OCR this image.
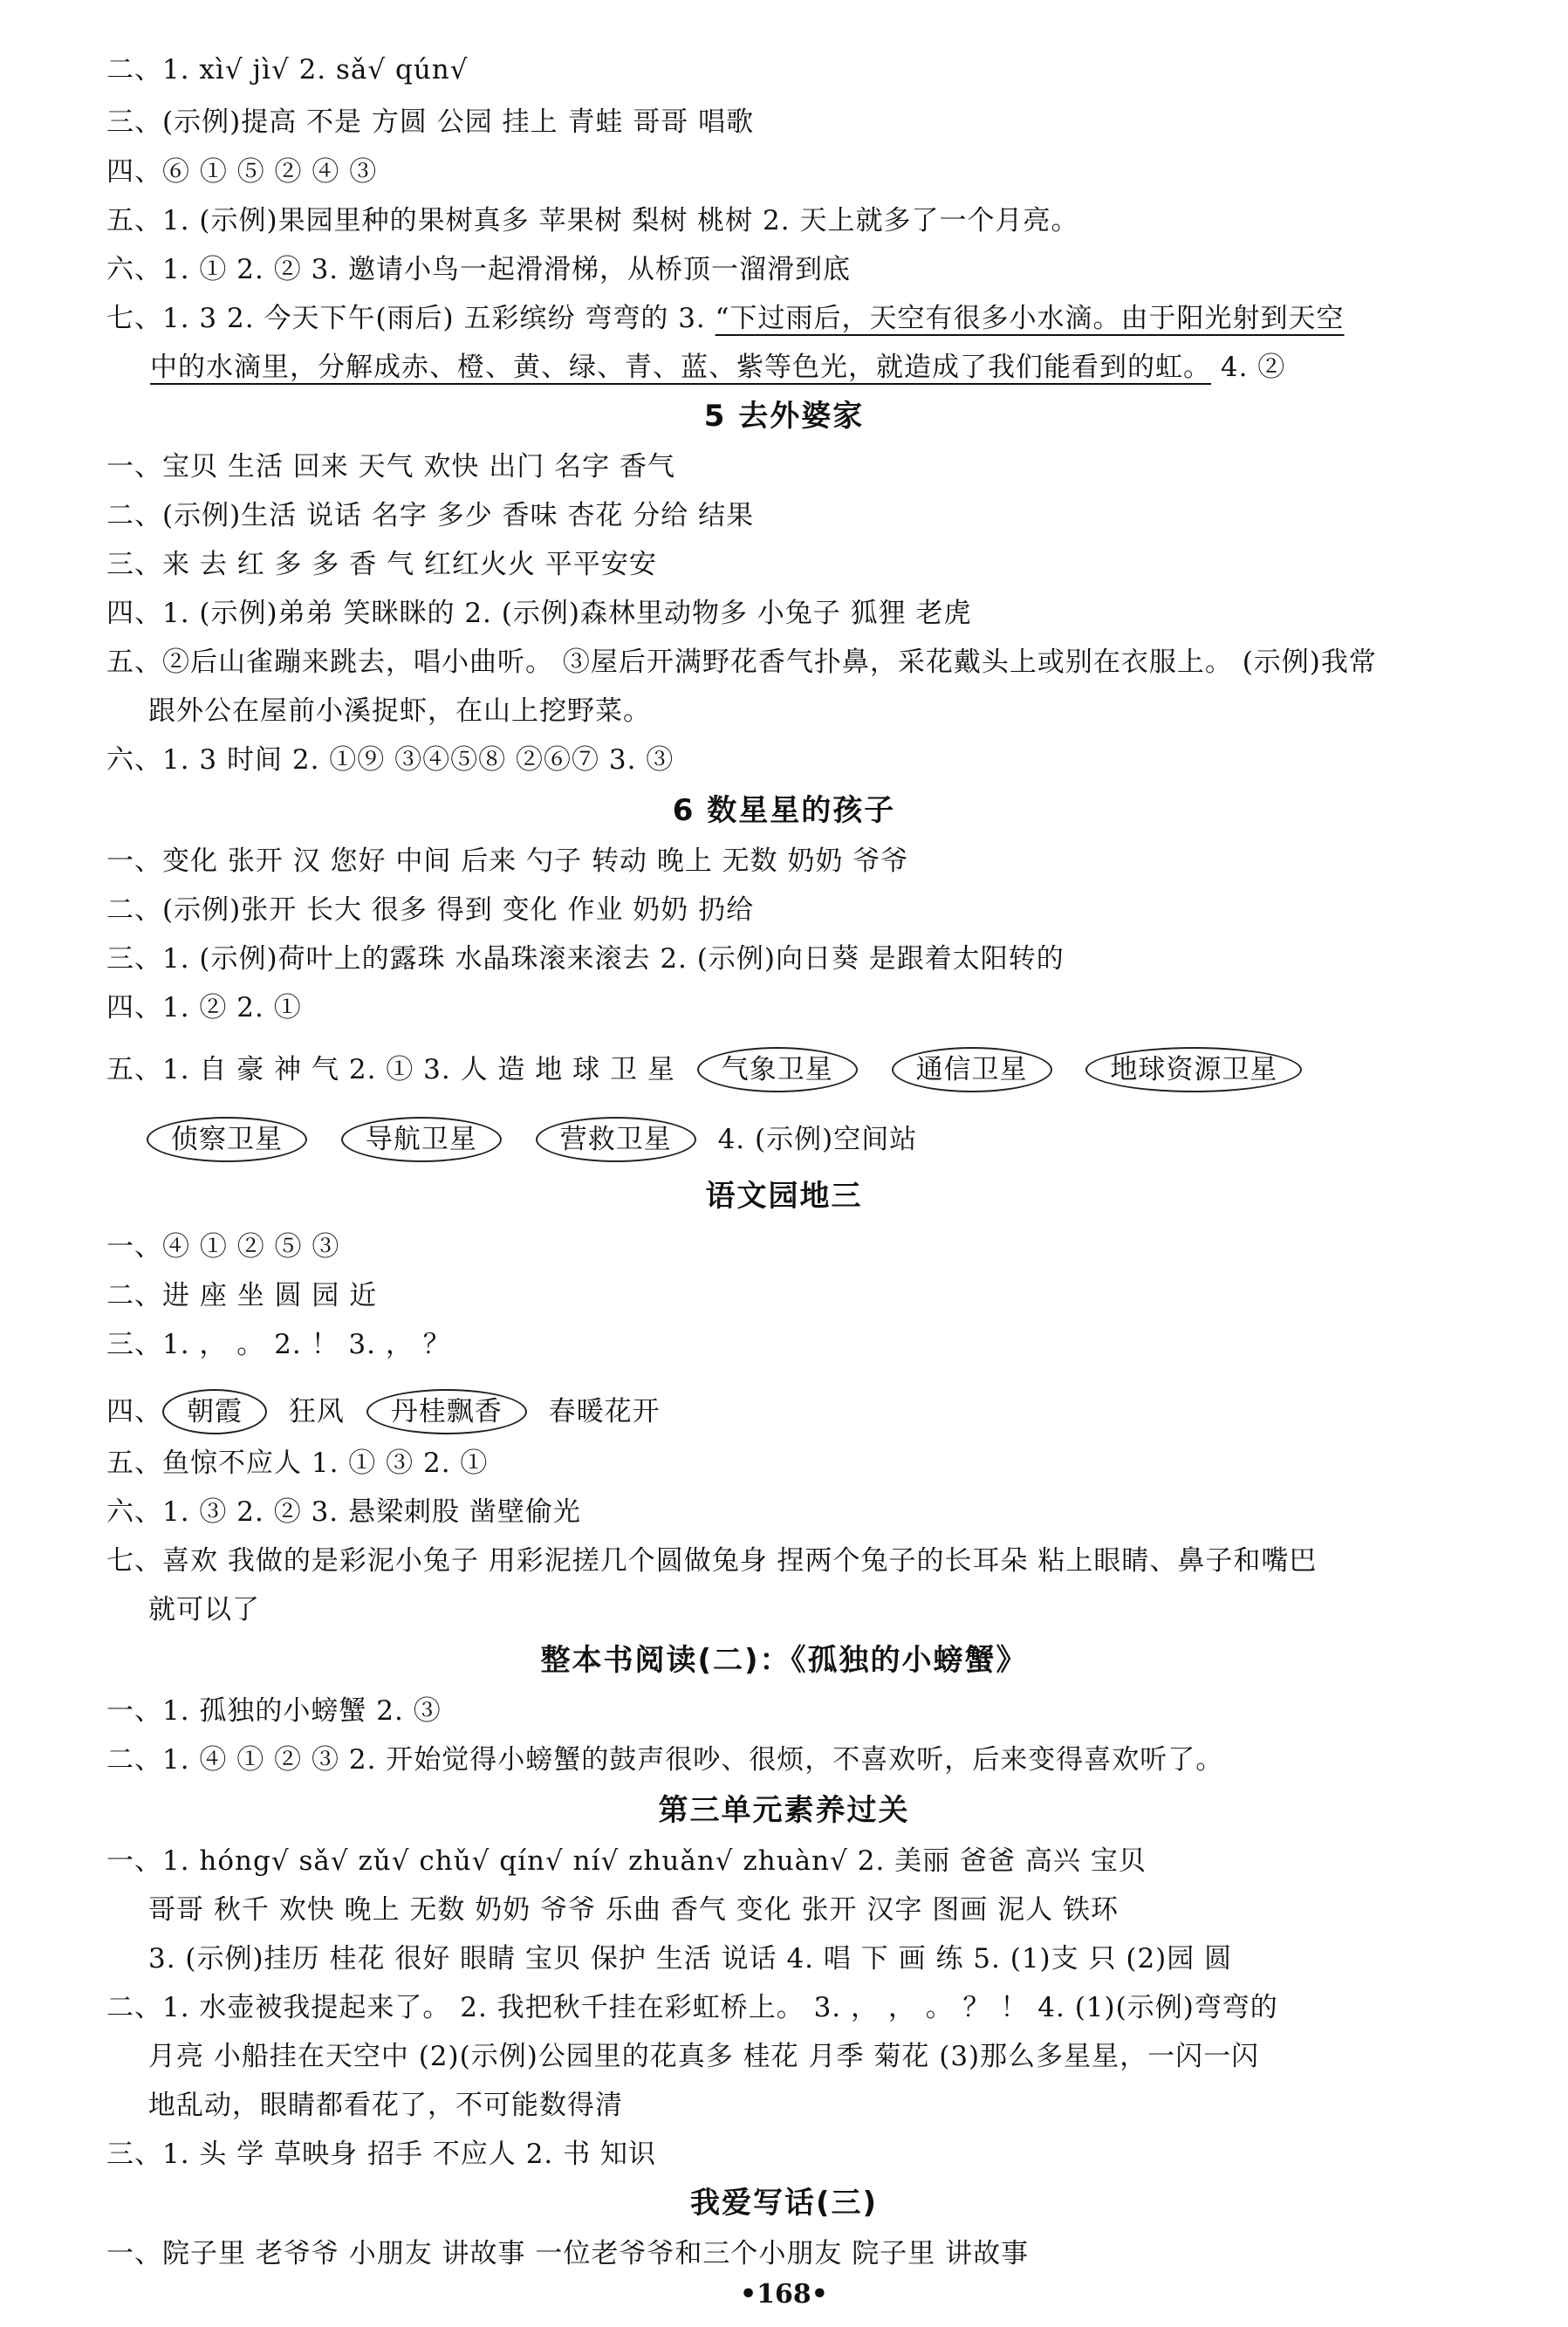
二、1. xì√ jì√ 2. sǎ√ qún√
三、(示例)提高 不是 方圆 公园 挂上 青蛙 哥哥 唱歌
四、⑥ ① ⑤ ② ④ ③
五、1. (示例)果园里种的果树真多 苹果树 梨树 桃树 2. 天上就多了一个月亮。
六、1. ① 2. ② 3. 邀请小鸟一起滑滑梯，从桥顶一溜滑到底
七、1. 3 2. 今天下午(雨后) 五彩缤纷 弯弯的 3. “下过雨后，天空有很多小水滴。由于阳光射到天空
中的水滴里，分解成赤、橙、黄、绿、青、蓝、紫等色光，就造成了我们能看到的虹。 4. ②
5 去外婆家
一、宝贝 生活 回来 天气 欢快 出门 名字 香气
二、(示例)生活 说话 名字 多少 香味 杏花 分给 结果
三、来 去 红 多 多 香 气 红红火火 平平安安
四、1. (示例)弟弟 笑眯眯的 2. (示例)森林里动物多 小兔子 狐狸 老虎
五、②后山雀蹦来跳去，唱小曲听。 ③屋后开满野花香气扑鼻，采花戴头上或别在衣服上。 (示例)我常
跟外公在屋前小溪捉虾，在山上挖野菜。
六、1. 3 时间 2. ①⑨ ③④⑤⑧ ②⑥⑦ 3. ③
6 数星星的孩子
一、变化 张开 汉 您好 中间 后来 勺子 转动 晚上 无数 奶奶 爷爷
二、(示例)张开 长大 很多 得到 变化 作业 奶奶 扔给
三、1. (示例)荷叶上的露珠 水晶珠滚来滚去 2. (示例)向日葵 是跟着太阳转的
四、1. ② 2. ①
五、1. 自 豪 神 气 2. ① 3. 人 造 地 球 卫 星 气象卫星	通信卫星	地球资源卫星
侦察卫星	导航卫星	营救卫星 4. (示例)空间站
语文园地三
一、④ ① ② ⑤ ③
二、进 座 坐 圆 园 近
三、1. ， 。 2. ！ 3. ， ？
四、 朝霞 狂风 丹桂飘香 春暖花开
五、鱼惊不应人 1. ① ③ 2. ①
六、1. ③ 2. ② 3. 悬梁刺股 凿壁偷光
七、喜欢 我做的是彩泥小兔子 用彩泥搓几个圆做兔身 捏两个兔子的长耳朵 粘上眼睛、鼻子和嘴巴
就可以了
整本书阅读(二)：《孤独的小螃蟹》
一、1. 孤独的小螃蟹 2. ③
二、1. ④ ① ② ③ 2. 开始觉得小螃蟹的鼓声很吵、很烦，不喜欢听，后来变得喜欢听了。
第三单元素养过关
一、1. hóng√ sǎ√ zǔ√ chǔ√ qín√ ní√ zhuǎn√ zhuàn√ 2. 美丽 爸爸 高兴 宝贝
哥哥 秋千 欢快 晚上 无数 奶奶 爷爷 乐曲 香气 变化 张开 汉字 图画 泥人 铁环
3. (示例)挂历 桂花 很好 眼睛 宝贝 保护 生活 说话 4. 唱 下 画 练 5. (1)支 只 (2)园 圆
二、1. 水壶被我提起来了。 2. 我把秋千挂在彩虹桥上。 3. ， ， 。 ？ ！ 4. (1)(示例)弯弯的
月亮 小船挂在天空中 (2)(示例)公园里的花真多 桂花 月季 菊花 (3)那么多星星，一闪一闪
地乱动，眼睛都看花了，不可能数得清
三、1. 头 学 草映身 招手 不应人 2. 书 知识
我爱写话(三)
一、院子里 老爷爷 小朋友 讲故事 一位老爷爷和三个小朋友 院子里 讲故事
•168•
